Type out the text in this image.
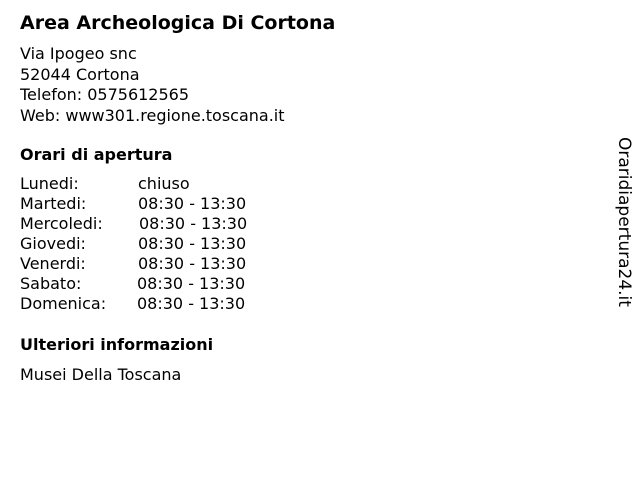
Area Archeologica Di Cortona
Via Ipogeo snc
52044 Cortona
Telefon: 0575612565
Web: www301.regione.toscana.it
Orari di apertura
Lunedi:	chiuso
Martedi:	08:30 - 13:30
Mercoledi: 08:30 - 13:30
Giovedi:	08:30 - 13:30
Venerdi:	08:30 - 13:30
Sabato:	08:30 - 13:30
Domenica: 08:30 - 13:30
Ulteriori informazioni
Musei Della Toscana
Oraridiapertura24.it
